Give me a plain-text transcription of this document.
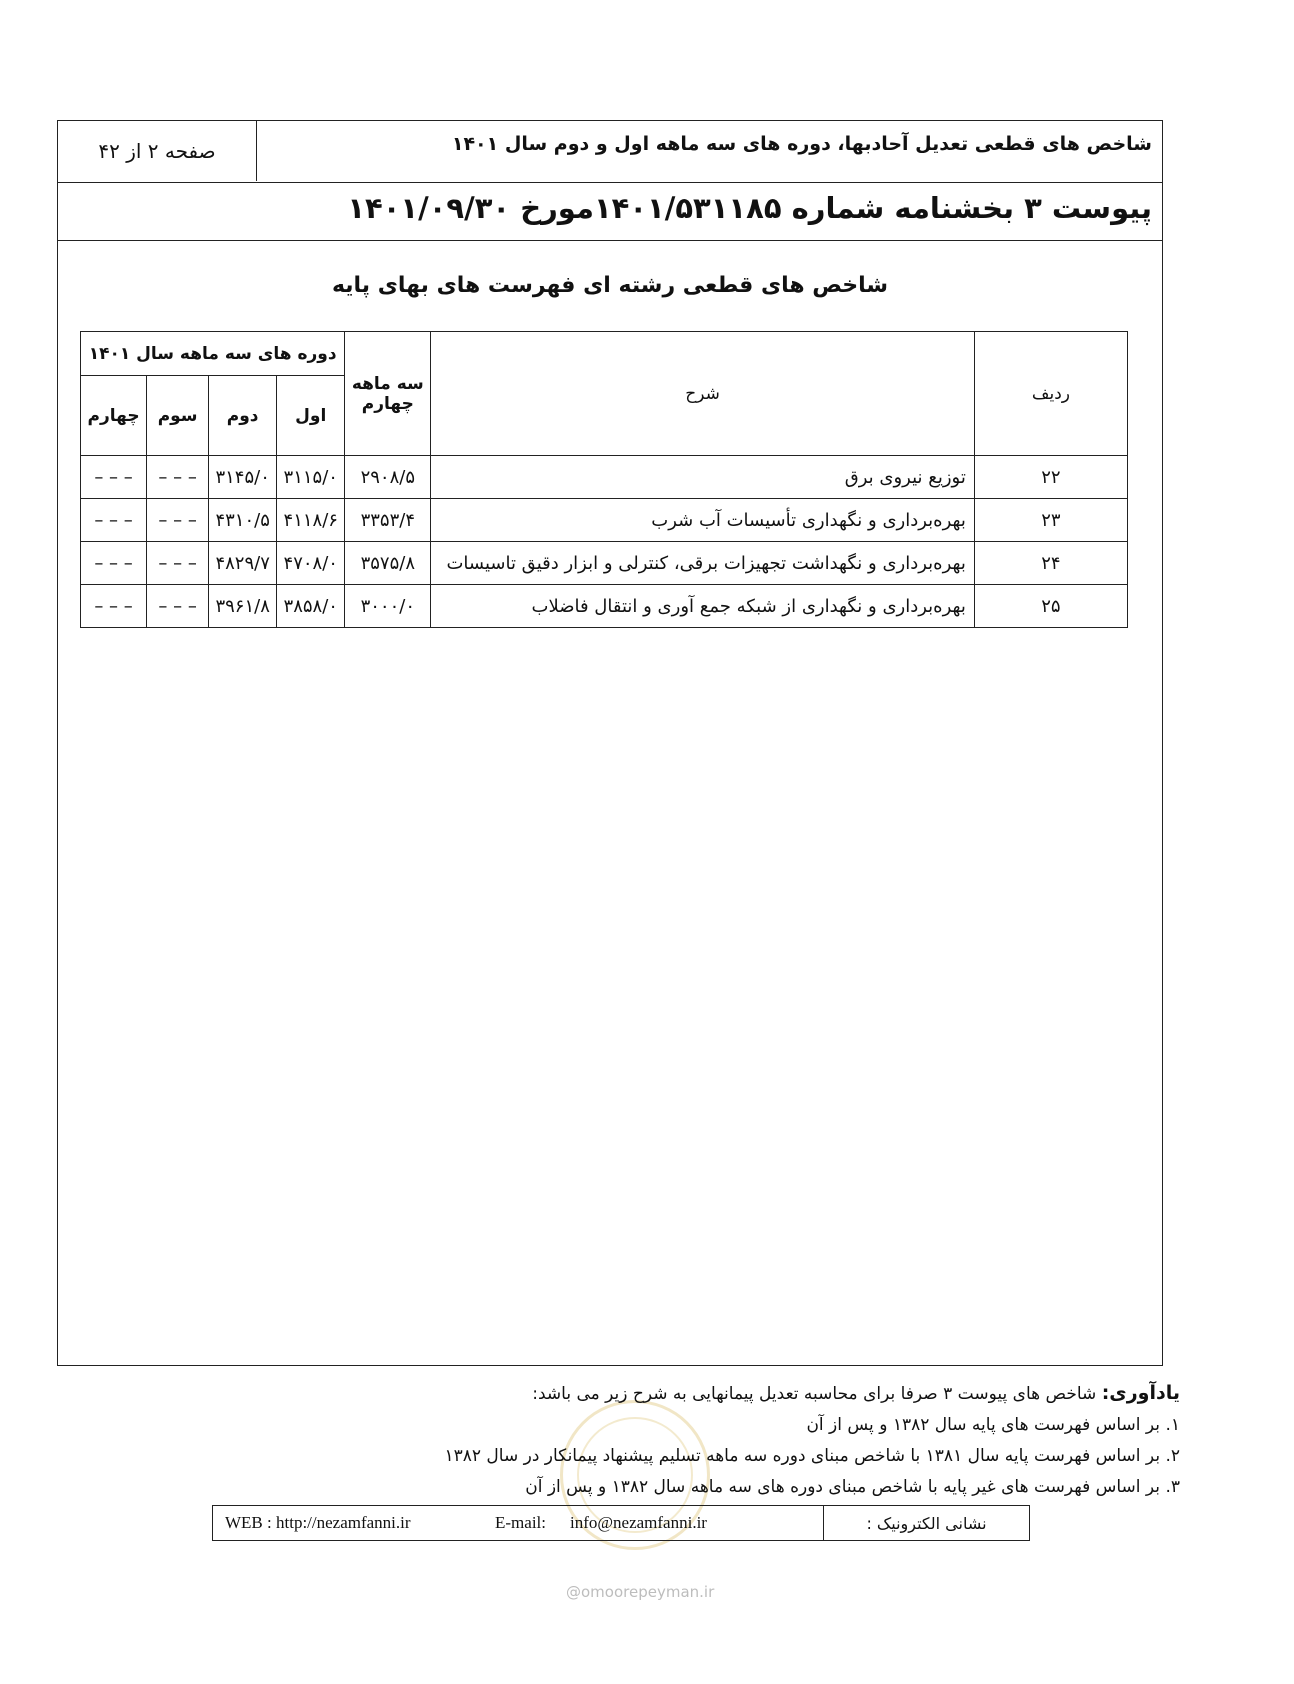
شاخص های قطعی تعدیل آحادبها، دوره های سه ماهه اول و دوم سال ۱۴۰۱
صفحه ۲ از ۴۲
پیوست ۳ بخشنامه شماره ۱۴۰۱/۵۳۱۱۸۵مورخ ۱۴۰۱/۰۹/۳۰
شاخص های قطعی رشته ای فهرست های بهای پایه
ردیف	شرح	سه ماهه چهارم	دوره های سه ماهه سال ۱۴۰۱			
			اول	دوم	سوم	چهارم
۲۲	توزیع نیروی برق	۲۹۰۸/۵	۳۱۱۵/۰	۳۱۴۵/۰	– – –	– – –
۲۳	بهره‌برداری و نگهداری تأسیسات آب شرب	۳۳۵۳/۴	۴۱۱۸/۶	۴۳۱۰/۵	– – –	– – –
۲۴	بهره‌برداری و نگهداشت تجهیزات برقی، کنترلی و ابزار دقیق تاسیسات	۳۵۷۵/۸	۴۷۰۸/۰	۴۸۲۹/۷	– – –	– – –
۲۵	بهره‌برداری و نگهداری از شبکه جمع آوری و انتقال فاضلاب	۳۰۰۰/۰	۳۸۵۸/۰	۳۹۶۱/۸	– – –	– – –
یادآوری: شاخص های پیوست ۳ صرفا برای محاسبه تعدیل پیمانهایی به شرح زیر می باشد:
۱. بر اساس فهرست های پایه سال ۱۳۸۲ و پس از آن
۲. بر اساس فهرست پایه سال ۱۳۸۱ با شاخص مبنای دوره سه ماهه تسلیم پیشنهاد پیمانکار در سال ۱۳۸۲
۳. بر اساس فهرست های غیر پایه با شاخص مبنای دوره های سه ماهه سال ۱۳۸۲ و پس از آن
نشانی الکترونیک :
WEB : http://nezamfanni.ir	E-mail: info@nezamfanni.ir
@omoorepeyman.ir
